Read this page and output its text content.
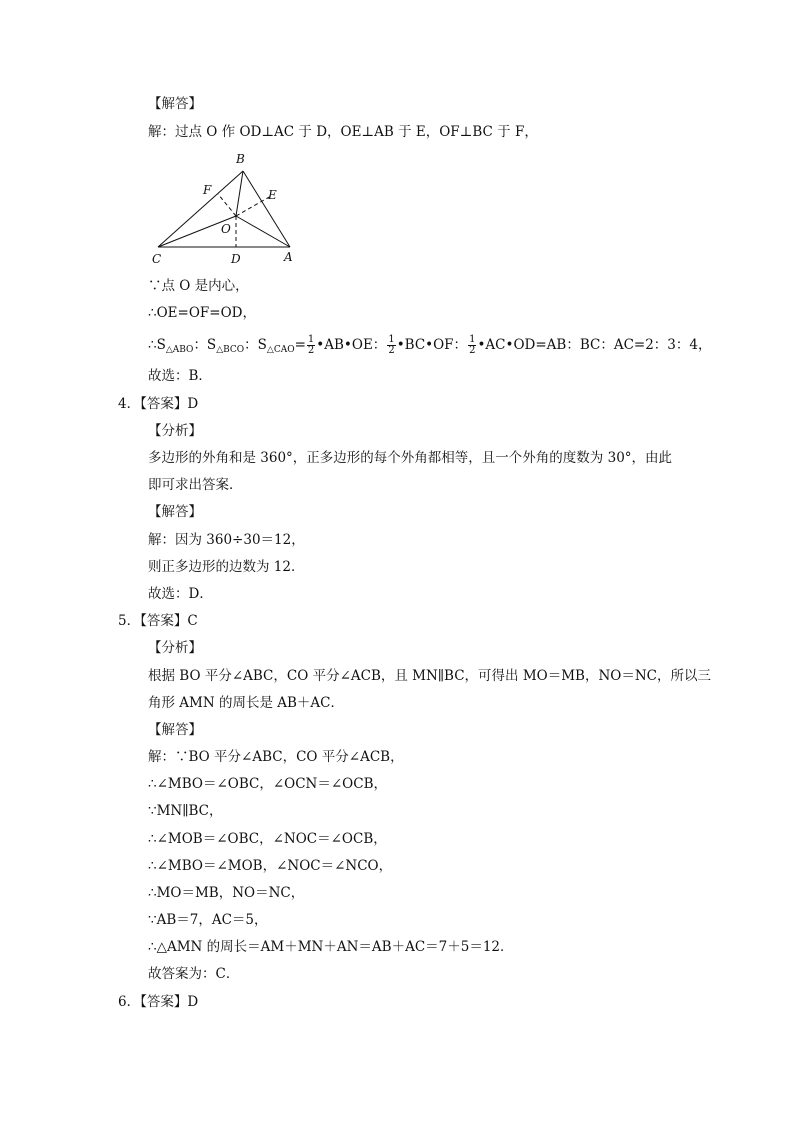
【解答】
解：过点 O 作 OD⊥AC 于 D，OE⊥AB 于 E，OF⊥BC 于 F，
B
F	E
O
C	D	A
∵点 O 是内心，
∴OE=OF=OD，
$\therefore S_{\triangle ABO}$：$S_{\triangle BCO}$：$S_{\triangle CAO}= \frac{1}{2}$ •AB•OE： $\frac{1}{2}$ •BC•OF： $\frac{1}{2}$ •AC•OD=AB：BC：AC=2：3：4，
故选：B．
4．【答案】D
【分析】
多边形的外角和是 360°，正多边形的每个外角都相等，且一个外角的度数为 30°，由此
即可求出答案．
【解答】
解：因为 360÷30＝12，
则正多边形的边数为 12．
故选：D．
5．【答案】C
【分析】
根据 BO 平分∠ABC，CO 平分∠ACB，且 MN∥BC，可得出 MO＝MB，NO＝NC，所以三
角形 AMN 的周长是 AB＋AC．
【解答】
解：∵BO 平分∠ABC，CO 平分∠ACB，
∴∠MBO＝∠OBC，∠OCN＝∠OCB，
∵MN∥BC，
∴∠MOB＝∠OBC，∠NOC＝∠OCB，
∴∠MBO＝∠MOB，∠NOC＝∠NCO，
∴MO＝MB，NO＝NC，
∵AB＝7，AC＝5，
∴△AMN 的周长＝AM＋MN＋AN＝AB＋AC＝7＋5＝12．
故答案为：C．
6．【答案】D
